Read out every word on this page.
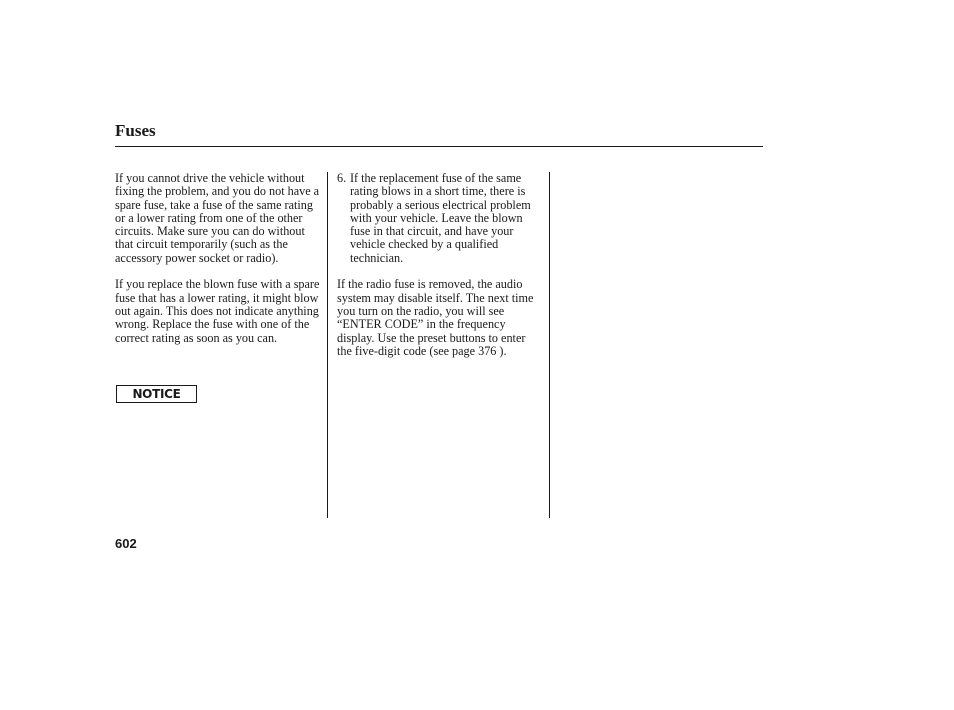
Fuses

If you cannot drive the vehicle without fixing the problem, and you do not have a spare fuse, take a fuse of the same rating or a lower rating from one of the other circuits. Make sure you can do without that circuit temporarily (such as the accessory power socket or radio).

If you replace the blown fuse with a spare fuse that has a lower rating, it might blow out again. This does not indicate anything wrong. Replace the fuse with one of the correct rating as soon as you can.

NOTICE
6. If the replacement fuse of the same rating blows in a short time, there is probably a serious electrical problem with your vehicle. Leave the blown fuse in that circuit, and have your vehicle checked by a qualified technician.

If the radio fuse is removed, the audio system may disable itself. The next time you turn on the radio, you will see “ENTER CODE” in the frequency display. Use the preset buttons to enter the five-digit code (see page 376 ).

602
